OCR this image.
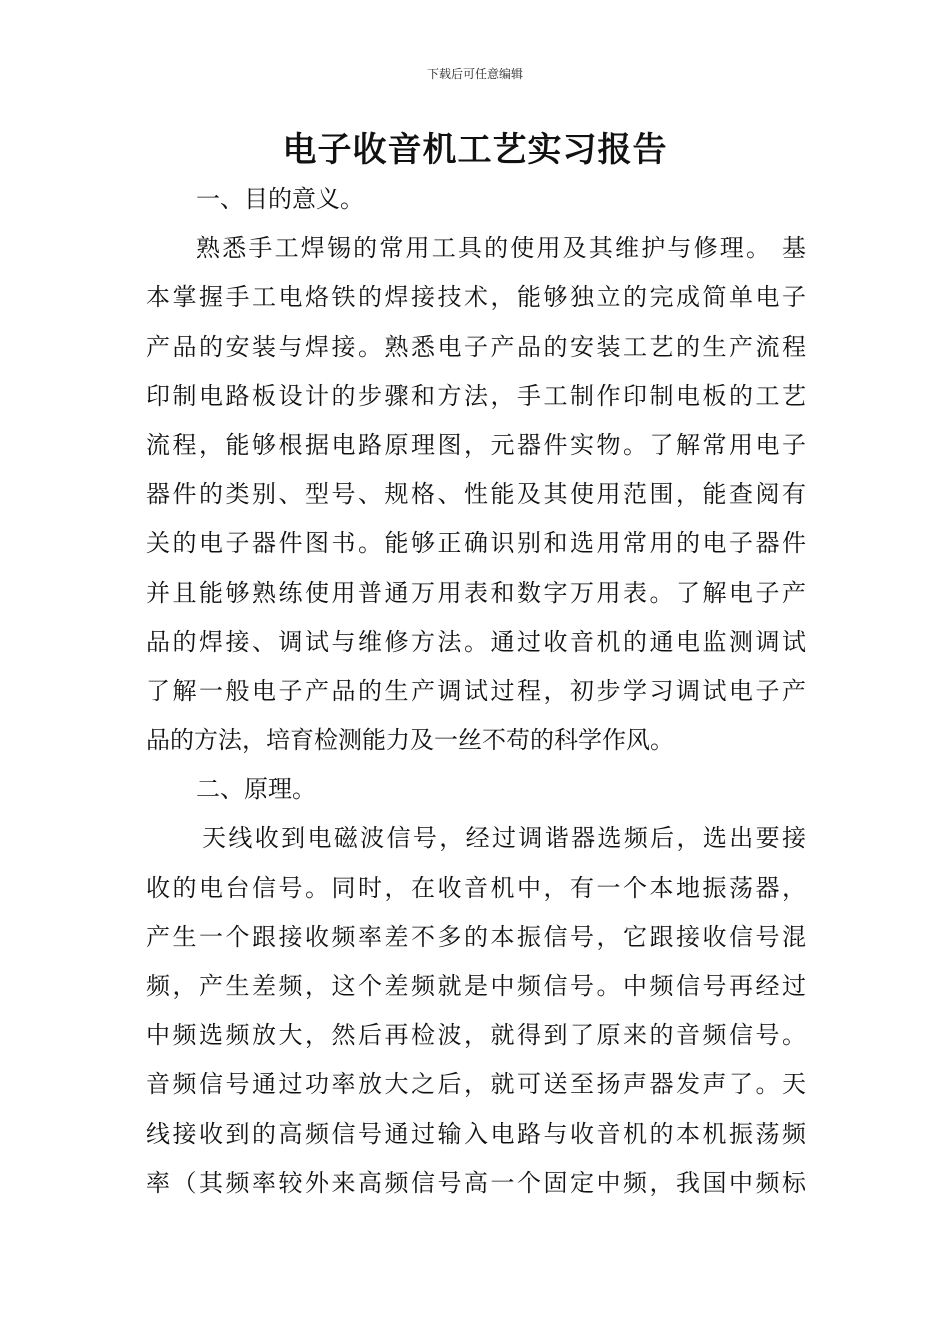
下载后可任意编辑
电子收音机工艺实习报告
一、目的意义。
熟悉手工焊锡的常用工具的使用及其维护与修理。 基
本掌握手工电烙铁的焊接技术，能够独立的完成简单电子
产品的安装与焊接。熟悉电子产品的安装工艺的生产流程
印制电路板设计的步骤和方法，手工制作印制电板的工艺
流程，能够根据电路原理图，元器件实物。了解常用电子
器件的类别、型号、规格、性能及其使用范围，能查阅有
关的电子器件图书。能够正确识别和选用常用的电子器件
并且能够熟练使用普通万用表和数字万用表。了解电子产
品的焊接、调试与维修方法。通过收音机的通电监测调试
了解一般电子产品的生产调试过程，初步学习调试电子产
品的方法，培育检测能力及一丝不苟的科学作风。
二、原理。
天线收到电磁波信号，经过调谐器选频后，选出要接
收的电台信号。同时，在收音机中，有一个本地振荡器，
产生一个跟接收频率差不多的本振信号，它跟接收信号混
频，产生差频，这个差频就是中频信号。中频信号再经过
中频选频放大，然后再检波，就得到了原来的音频信号。
音频信号通过功率放大之后，就可送至扬声器发声了。天
线接收到的高频信号通过输入电路与收音机的本机振荡频
率（其频率较外来高频信号高一个固定中频，我国中频标
